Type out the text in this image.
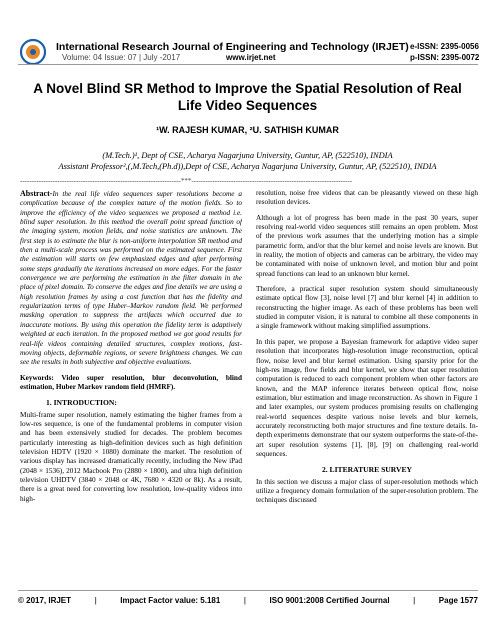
International Research Journal of Engineering and Technology (IRJET)
Volume: 04 Issue: 07 | July -2017	www.irjet.net
e-ISSN: 2395-0056
p-ISSN: 2395-0072
A Novel Blind SR Method to Improve the Spatial Resolution of Real Life Video Sequences
¹W. RAJESH KUMAR, ²U. SATHISH KUMAR
(M.Tech.)¹, Dept of CSE, Acharya Nagarjuna University, Guntur, AP, (522510), INDIA
Assistant Professor²,(,M.Tech,(Ph.d)),Dept of CSE, Acharya Nagarjuna University, Guntur, AP, (522510), INDIA
---------------------------------------------------------------------***---------------------------------------------------------------------

Abstract-In the real life video sequences super resolutions become a complication because of the complex nature of the motion fields. So to improve the efficiency of the video sequences we proposed a method i.e. blind super resolution. In this method the overall point spread function of the imaging system, motion fields, and noise statistics are unknown. The first step is to estimate the blur is non-uniform interpolation SR method and then a multi-scale process was performed on the estimated sequence. First the estimation will starts on few emphasized edges and after performing some steps gradually the iterations increased on more edges. For the faster convergence we are performing the estimation in the filter domain in the place of pixel domain. To conserve the edges and fine details we are using a high resolution frames by using a cost function that has the fidelity and regularization terms of type Huber–Markov random field. We performed masking operation to suppress the artifacts which occurred due to inaccurate motions. By using this operation the fidelity term is adaptively weighted at each iteration. In the proposed method we got good results for real-life videos containing detailed structures, complex motions, fast-moving objects, deformable regions, or severe brightness changes. We can see the results in both subjective and objective evaluations.

Keywords: Video super resolution, blur deconvolution, blind estimation, Huber Markov random field (HMRF).

1. INTRODUCTION:

Multi-frame super resolution, namely estimating the higher frames from a low-res sequence, is one of the fundamental problems in computer vision and has been extensively studied for decades. The problem becomes particularly interesting as high-definition devices such as high definition television HDTV (1920 × 1080) dominate the market. The resolution of various display has increased dramatically recently, including the New iPad (2048 × 1536), 2012 Macbook Pro (2880 × 1800), and ultra high definition television UHDTV (3840 × 2048 or 4K, 7680 × 4320 or 8k). As a result, there is a great need for converting low resolution, low-quality videos into high-

resolution, noise free videos that can be pleasantly viewed on these high resolution devices.

Although a lot of progress has been made in the past 30 years, super resolving real-world video sequences still remains an open problem. Most of the previous work assumes that the underlying motion has a simple parametric form, and/or that the blur kernel and noise levels are known. But in reality, the motion of objects and cameras can be arbitrary, the video may be contaminated with noise of unknown level, and motion blur and point spread functions can lead to an unknown blur kernel.

Therefore, a practical super resolution system should simultaneously estimate optical flow [3], noise level [7] and blur kernel [4] in addition to reconstructing the higher image. As each of these problems has been well studied in computer vision, it is natural to combine all these components in a single framework without making simplified assumptions.

In this paper, we propose a Bayesian framework for adaptive video super resolution that incorporates high-resolution image reconstruction, optical flow, noise level and blur kernel estimation. Using sparsity prior for the high-res image, flow fields and blur kernel, we show that super resolution computation is reduced to each component problem when other factors are known, and the MAP inference iterates between optical flow, noise estimation, blur estimation and image reconstruction. As shown in Figure 1 and later examples, our system produces promising results on challenging real-world sequences despite various noise levels and blur kernels, accurately reconstructing both major structures and fine texture details. In-depth experiments demonstrate that our system outperforms the state-of-the-art super resolution systems [1], [8], [9] on challenging real-world sequences.

2. LITERATURE SURVEY

In this section we discuss a major class of super-resolution methods which utilize a frequency domain formulation of the super-resolution problem. The techniques discussed

© 2017, IRJET	|	Impact Factor value: 5.181	|	ISO 9001:2008 Certified Journal	|	Page 1577
